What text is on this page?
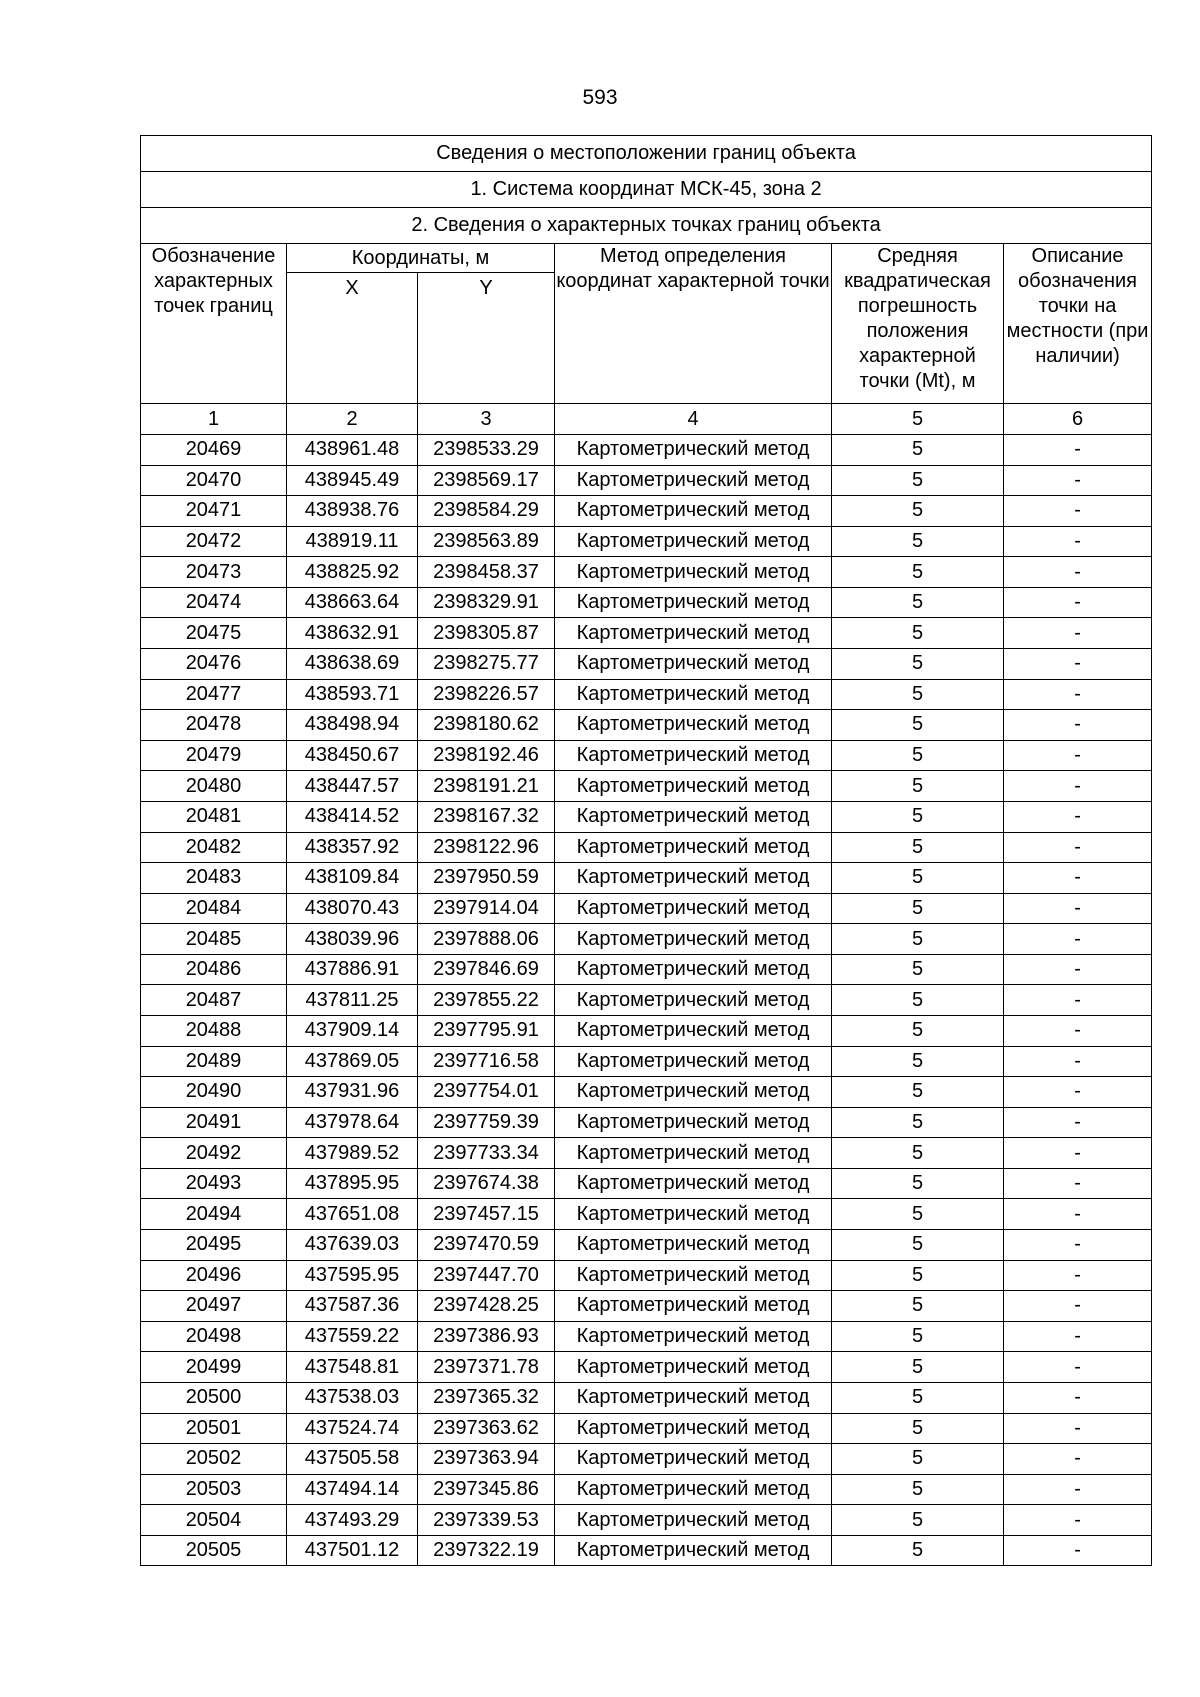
593
Сведения о местоположении границ объекта					
1. Система координат МСК-45, зона 2					
2. Сведения о характерных точках границ объекта					
Обозначение характерных точек границ	Координаты, м		Метод определения координат характерной точки	Средняя квадратическая погрешность положения характерной точки (Mt), м	Описание обозначения точки на местности (при наличии)
	X	Y			
1	2	3	4	5	6
20469	438961.48	2398533.29	Картометрический метод	5	-
20470	438945.49	2398569.17	Картометрический метод	5	-
20471	438938.76	2398584.29	Картометрический метод	5	-
20472	438919.11	2398563.89	Картометрический метод	5	-
20473	438825.92	2398458.37	Картометрический метод	5	-
20474	438663.64	2398329.91	Картометрический метод	5	-
20475	438632.91	2398305.87	Картометрический метод	5	-
20476	438638.69	2398275.77	Картометрический метод	5	-
20477	438593.71	2398226.57	Картометрический метод	5	-
20478	438498.94	2398180.62	Картометрический метод	5	-
20479	438450.67	2398192.46	Картометрический метод	5	-
20480	438447.57	2398191.21	Картометрический метод	5	-
20481	438414.52	2398167.32	Картометрический метод	5	-
20482	438357.92	2398122.96	Картометрический метод	5	-
20483	438109.84	2397950.59	Картометрический метод	5	-
20484	438070.43	2397914.04	Картометрический метод	5	-
20485	438039.96	2397888.06	Картометрический метод	5	-
20486	437886.91	2397846.69	Картометрический метод	5	-
20487	437811.25	2397855.22	Картометрический метод	5	-
20488	437909.14	2397795.91	Картометрический метод	5	-
20489	437869.05	2397716.58	Картометрический метод	5	-
20490	437931.96	2397754.01	Картометрический метод	5	-
20491	437978.64	2397759.39	Картометрический метод	5	-
20492	437989.52	2397733.34	Картометрический метод	5	-
20493	437895.95	2397674.38	Картометрический метод	5	-
20494	437651.08	2397457.15	Картометрический метод	5	-
20495	437639.03	2397470.59	Картометрический метод	5	-
20496	437595.95	2397447.70	Картометрический метод	5	-
20497	437587.36	2397428.25	Картометрический метод	5	-
20498	437559.22	2397386.93	Картометрический метод	5	-
20499	437548.81	2397371.78	Картометрический метод	5	-
20500	437538.03	2397365.32	Картометрический метод	5	-
20501	437524.74	2397363.62	Картометрический метод	5	-
20502	437505.58	2397363.94	Картометрический метод	5	-
20503	437494.14	2397345.86	Картометрический метод	5	-
20504	437493.29	2397339.53	Картометрический метод	5	-
20505	437501.12	2397322.19	Картометрический метод	5	-
